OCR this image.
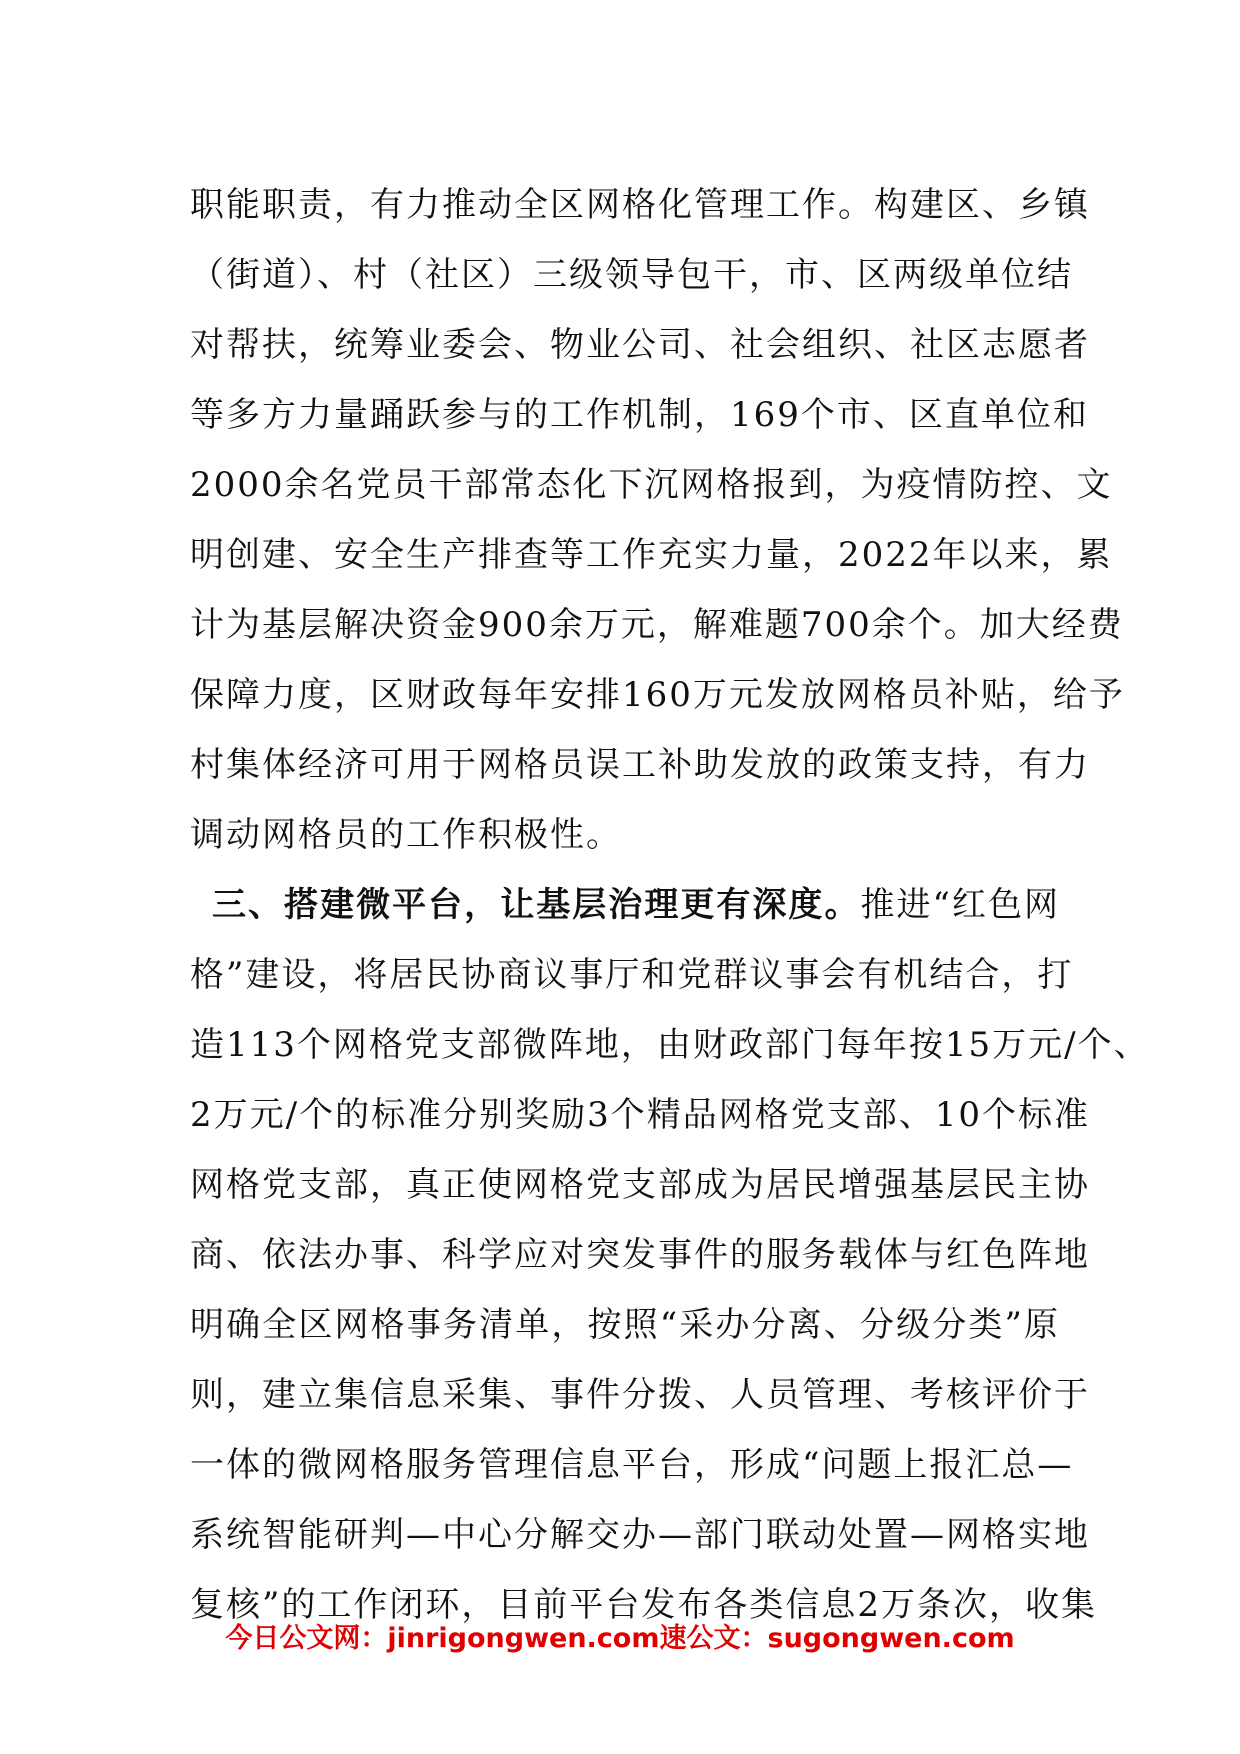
职能职责，有力推动全区网格化管理工作。构建区、乡镇
（街道）、村（社区）三级领导包干，市、区两级单位结
对帮扶，统筹业委会、物业公司、社会组织、社区志愿者
等多方力量踊跃参与的工作机制，169个市、区直单位和
2000余名党员干部常态化下沉网格报到，为疫情防控、文
明创建、安全生产排查等工作充实力量，2022年以来，累
计为基层解决资金900余万元，解难题700余个。加大经费
保障力度，区财政每年安排160万元发放网格员补贴，给予
村集体经济可用于网格员误工补助发放的政策支持，有力
调动网格员的工作积极性。
三、搭建微平台，让基层治理更有深度。推进“红色网
格”建设，将居民协商议事厅和党群议事会有机结合，打
造113个网格党支部微阵地，由财政部门每年按15万元/个、
2万元/个的标准分别奖励3个精品网格党支部、10个标准
网格党支部，真正使网格党支部成为居民增强基层民主协
商、依法办事、科学应对突发事件的服务载体与红色阵地
明确全区网格事务清单，按照“采办分离、分级分类”原
则，建立集信息采集、事件分拨、人员管理、考核评价于
一体的微网格服务管理信息平台，形成“问题上报汇总—
系统智能研判—中心分解交办—部门联动处置—网格实地
复核”的工作闭环，目前平台发布各类信息2万条次，收集
今日公文网：jinrigongwen.com速公文：sugongwen.com
